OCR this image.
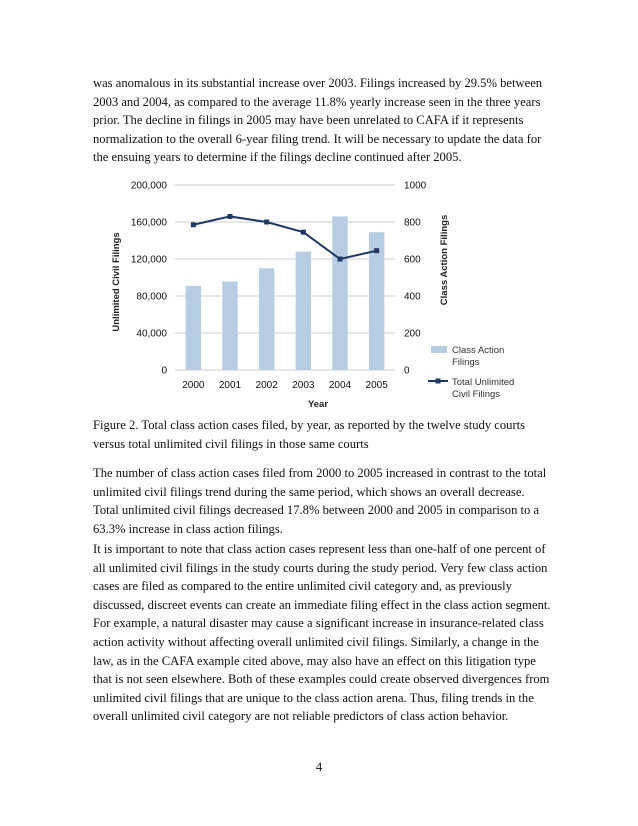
was anomalous in its substantial increase over 2003. Filings increased by 29.5% between 2003 and 2004, as compared to the average 11.8% yearly increase seen in the three years prior. The decline in filings in 2005 may have been unrelated to CAFA if it represents normalization to the overall 6-year filing trend. It will be necessary to update the data for the ensuing years to determine if the filings decline continued after 2005.

0	0
40,000	200
80,000	400
120,000	600
160,000	800
200,000	1000
2000 2001 2002 2003 2004 2005
Unlimited Civil Filings	Class Action Filings
Year
Class Action
Filings
Total Unlimited
Civil Filings

Figure 2. Total class action cases filed, by year, as reported by the twelve study courts versus total unlimited civil filings in those same courts

The number of class action cases filed from 2000 to 2005 increased in contrast to the total unlimited civil filings trend during the same period, which shows an overall decrease. Total unlimited civil filings decreased 17.8% between 2000 and 2005 in comparison to a 63.3% increase in class action filings.

It is important to note that class action cases represent less than one-half of one percent of all unlimited civil filings in the study courts during the study period. Very few class action cases are filed as compared to the entire unlimited civil category and, as previously discussed, discreet events can create an immediate filing effect in the class action segment. For example, a natural disaster may cause a significant increase in insurance-related class action activity without affecting overall unlimited civil filings. Similarly, a change in the law, as in the CAFA example cited above, may also have an effect on this litigation type that is not seen elsewhere. Both of these examples could create observed divergences from unlimited civil filings that are unique to the class action arena. Thus, filing trends in the overall unlimited civil category are not reliable predictors of class action behavior.

4
